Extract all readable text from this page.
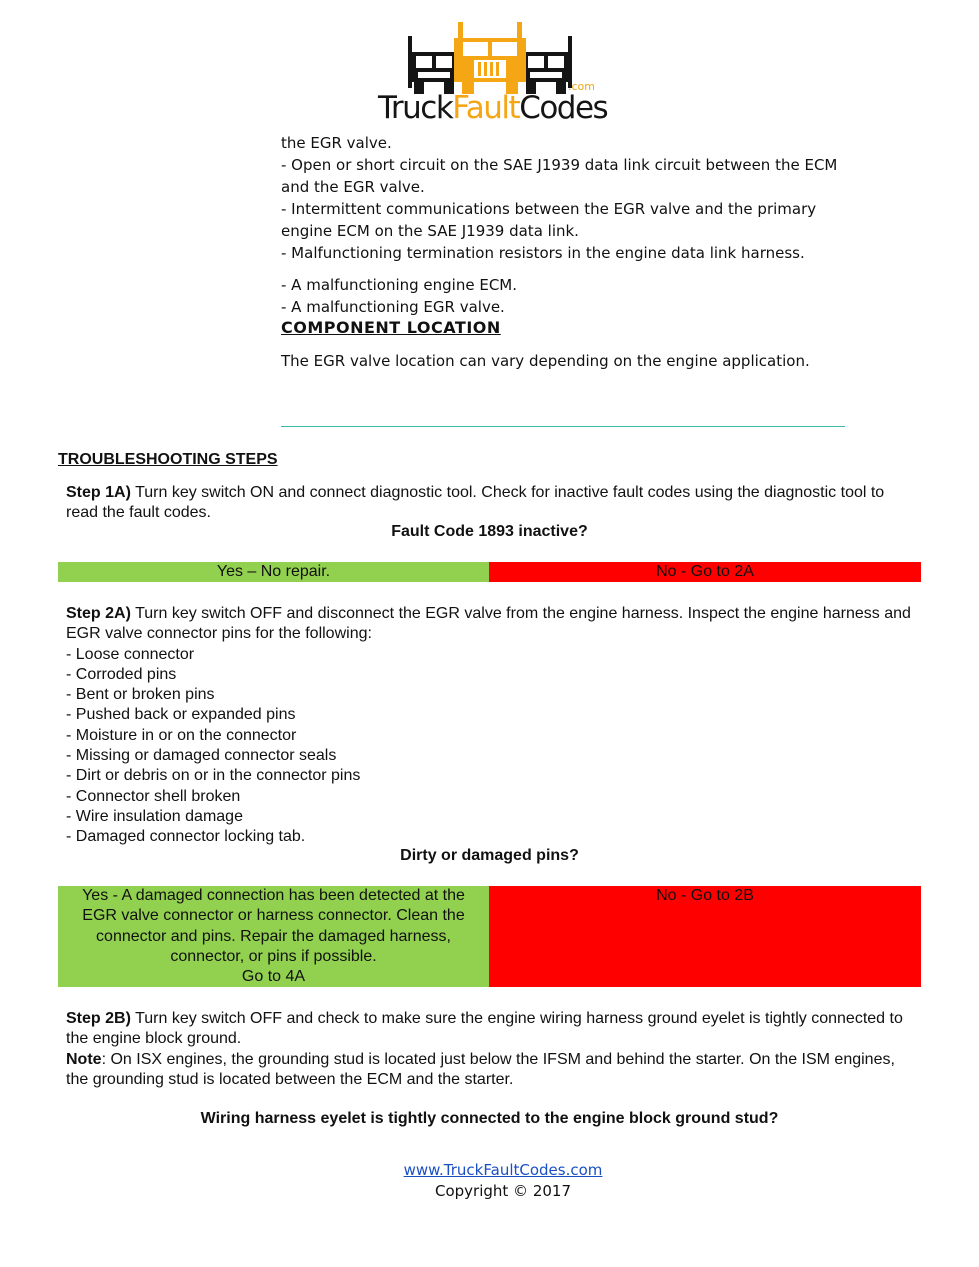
.com
TruckFaultCodes

the EGR valve.

- Open or short circuit on the SAE J1939 data link circuit between the ECM and the EGR valve.

- Intermittent communications between the EGR valve and the primary engine ECM on the SAE J1939 data link.

- Malfunctioning termination resistors in the engine data link harness.

- A malfunctioning engine ECM.

- A malfunctioning EGR valve.

COMPONENT LOCATION
The EGR valve location can vary depending on the engine application.
TROUBLESHOOTING STEPS
Step 1A) Turn key switch ON and connect diagnostic tool. Check for inactive fault codes using the diagnostic tool to read the fault codes.
Fault Code 1893 inactive?
Yes – No repair.	No - Go to 2A
Step 2A) Turn key switch OFF and disconnect the EGR valve from the engine harness. Inspect the engine harness and EGR valve connector pins for the following:
- Loose connector
- Corroded pins
- Bent or broken pins
- Pushed back or expanded pins
- Moisture in or on the connector
- Missing or damaged connector seals
- Dirt or debris on or in the connector pins
- Connector shell broken
- Wire insulation damage
- Damaged connector locking tab.
Dirty or damaged pins?
Yes - A damaged connection has been detected at the EGR valve connector or harness connector. Clean the connector and pins. Repair the damaged harness, connector, or pins if possible.
Go to 4A
No - Go to 2B
Step 2B) Turn key switch OFF and check to make sure the engine wiring harness ground eyelet is tightly connected to the engine block ground.
Note: On ISX engines, the grounding stud is located just below the IFSM and behind the starter. On the ISM engines, the grounding stud is located between the ECM and the starter.
Wiring harness eyelet is tightly connected to the engine block ground stud?
www.TruckFaultCodes.com
Copyright © 2017
